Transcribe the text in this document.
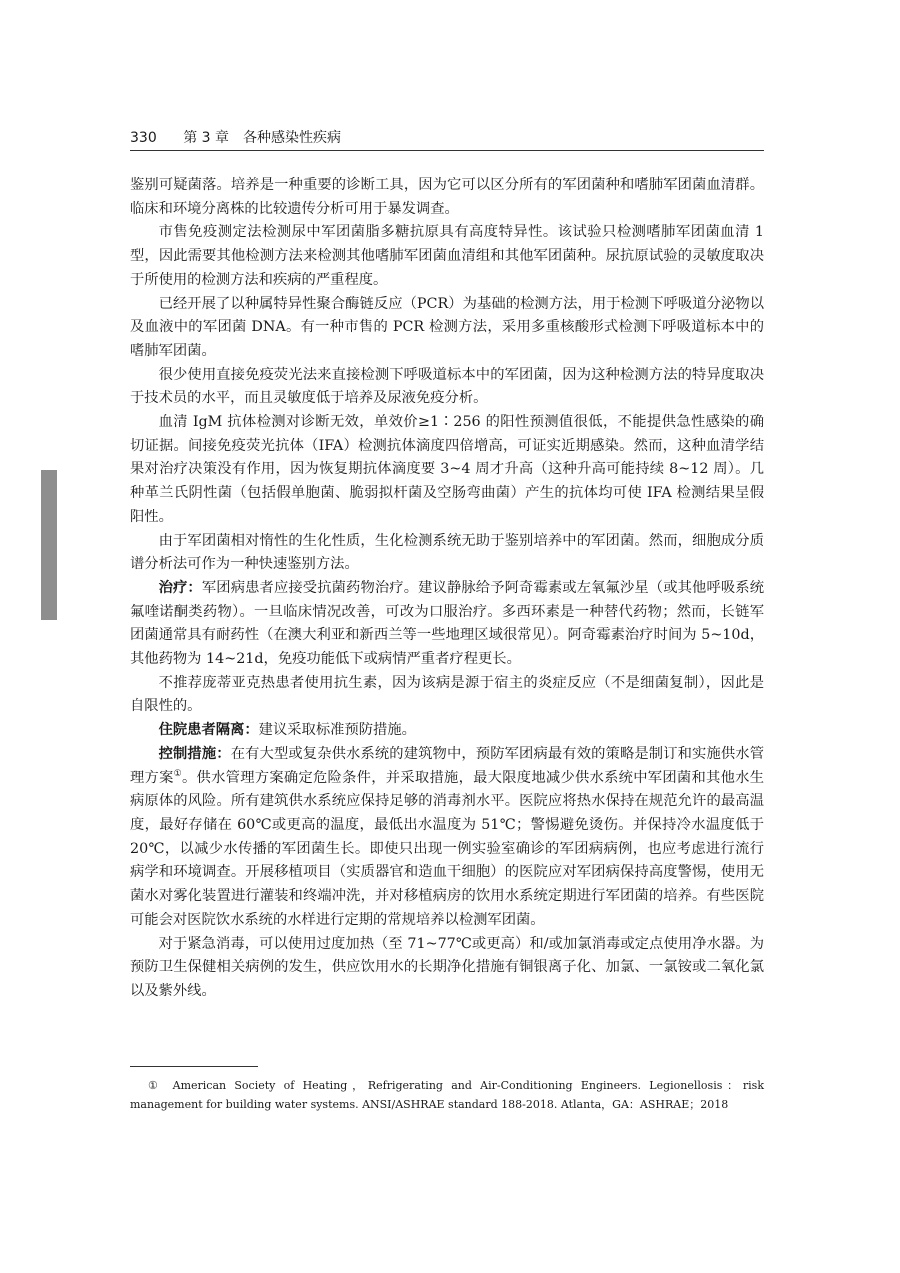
330 第 3 章　各种感染性疾病

鉴别可疑菌落。培养是一种重要的诊断工具，因为它可以区分所有的军团菌种和嗜肺军团菌血清群。临床和环境分离株的比较遗传分析可用于暴发调查。

市售免疫测定法检测尿中军团菌脂多糖抗原具有高度特异性。该试验只检测嗜肺军团菌血清 1 型，因此需要其他检测方法来检测其他嗜肺军团菌血清组和其他军团菌种。尿抗原试验的灵敏度取决于所使用的检测方法和疾病的严重程度。

已经开展了以种属特异性聚合酶链反应（PCR）为基础的检测方法，用于检测下呼吸道分泌物以及血液中的军团菌 DNA。有一种市售的 PCR 检测方法，采用多重核酸形式检测下呼吸道标本中的嗜肺军团菌。

很少使用直接免疫荧光法来直接检测下呼吸道标本中的军团菌，因为这种检测方法的特异度取决于技术员的水平，而且灵敏度低于培养及尿液免疫分析。

血清 IgM 抗体检测对诊断无效，单效价≥1∶256 的阳性预测值很低，不能提供急性感染的确切证据。间接免疫荧光抗体（IFA）检测抗体滴度四倍增高，可证实近期感染。然而，这种血清学结果对治疗决策没有作用，因为恢复期抗体滴度要 3~4 周才升高（这种升高可能持续 8~12 周）。几种革兰氏阴性菌（包括假单胞菌、脆弱拟杆菌及空肠弯曲菌）产生的抗体均可使 IFA 检测结果呈假阳性。

由于军团菌相对惰性的生化性质，生化检测系统无助于鉴别培养中的军团菌。然而，细胞成分质谱分析法可作为一种快速鉴别方法。

治疗：军团病患者应接受抗菌药物治疗。建议静脉给予阿奇霉素或左氧氟沙星（或其他呼吸系统氟喹诺酮类药物）。一旦临床情况改善，可改为口服治疗。多西环素是一种替代药物；然而，长链军团菌通常具有耐药性（在澳大利亚和新西兰等一些地理区域很常见）。阿奇霉素治疗时间为 5~10d，其他药物为 14~21d，免疫功能低下或病情严重者疗程更长。

不推荐庞蒂亚克热患者使用抗生素，因为该病是源于宿主的炎症反应（不是细菌复制），因此是自限性的。

住院患者隔离：建议采取标准预防措施。

控制措施：在有大型或复杂供水系统的建筑物中，预防军团病最有效的策略是制订和实施供水管理方案①。供水管理方案确定危险条件，并采取措施，最大限度地减少供水系统中军团菌和其他水生病原体的风险。所有建筑供水系统应保持足够的消毒剂水平。医院应将热水保持在规范允许的最高温度，最好存储在 60℃或更高的温度，最低出水温度为 51℃；警惕避免烫伤。并保持冷水温度低于 20℃，以减少水传播的军团菌生长。即使只出现一例实验室确诊的军团病病例，也应考虑进行流行病学和环境调查。开展移植项目（实质器官和造血干细胞）的医院应对军团病保持高度警惕，使用无菌水对雾化装置进行灌装和终端冲洗，并对移植病房的饮用水系统定期进行军团菌的培养。有些医院可能会对医院饮水系统的水样进行定期的常规培养以检测军团菌。

对于紧急消毒，可以使用过度加热（至 71~77℃或更高）和/或加氯消毒或定点使用净水器。为预防卫生保健相关病例的发生，供应饮用水的长期净化措施有铜银离子化、加氯、一氯铵或二氧化氯以及紫外线。

① American Society of Heating，Refrigerating and Air-Conditioning Engineers. Legionellosis：risk management for building water systems. ANSI/ASHRAE standard 188-2018. Atlanta，GA：ASHRAE；2018
